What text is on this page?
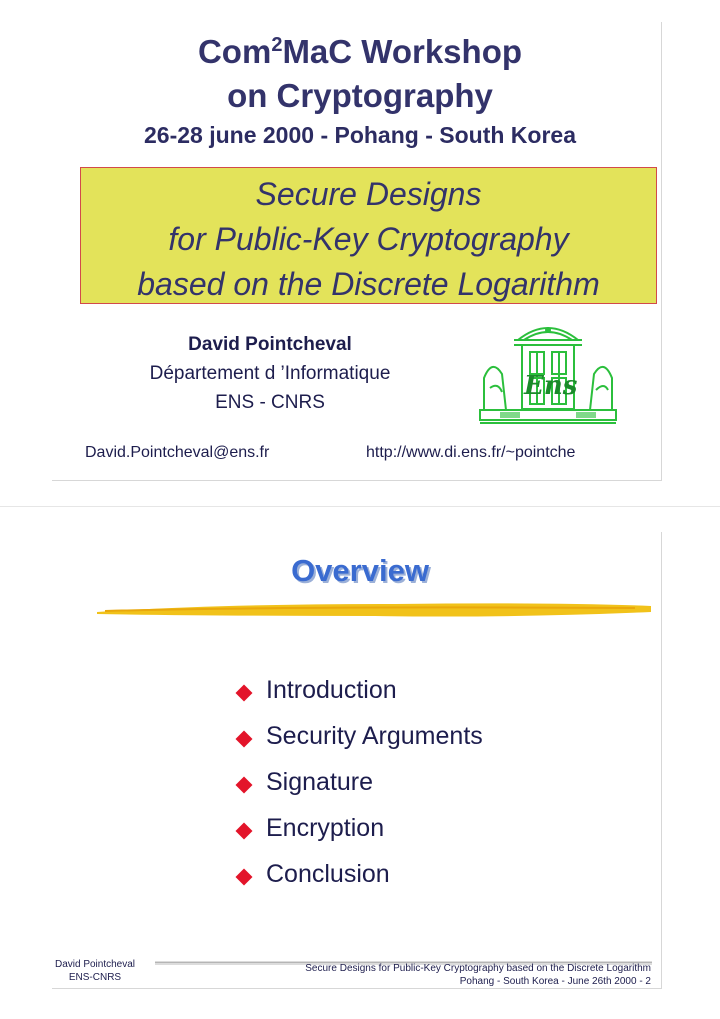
Com$^2$MaC Workshop
on Cryptography
26-28 june 2000 - Pohang - South Korea
Secure Designs
for Public-Key Cryptography
based on the Discrete Logarithm
David Pointcheval
Département d ’Informatique
ENS - CNRS
David.Pointcheval@ens.fr	http://www.di.ens.fr/~pointche
Ens
Overview
Introduction
Security Arguments
Signature
Encryption
Conclusion
David Pointcheval
ENS-CNRS
Secure Designs for Public-Key Cryptography based on the Discrete Logarithm
Pohang - South Korea - June 26th 2000 - 2
